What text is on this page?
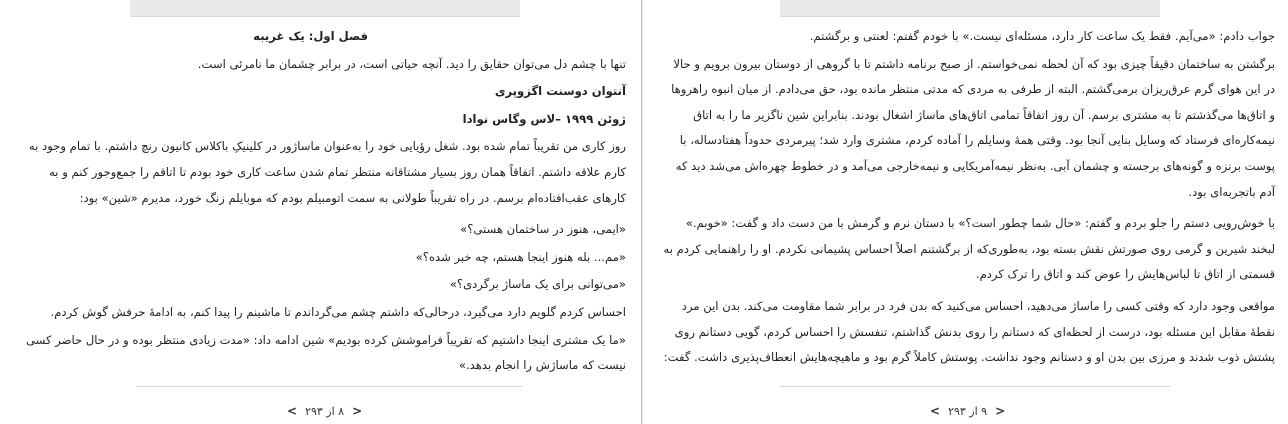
فصل اول: یک غریبه

تنها با چشم دل می‌توان حقایق را دید. آنچه حیاتی است، در برابر چشمان ما نامرئی است.

آنتوان دوسنت اگزوپری

ژوئن ۱۹۹۹ –لاس وگاس نوادا

روز کاری من تقریباً تمام شده بود. شغل رؤیایی خود را به‌عنوان ماساژور در کلینیکِ باکلاس کانیون رنچ داشتم. با تمام وجود به کارم علاقه داشتم. اتفاقاً همان روز بسیار مشتاقانه منتظر تمام شدن ساعت کاری خود بودم تا اتاقم را جمع‌وجور کنم و به کارهای عقب‌افتاده‌ام برسم. در راه تقریباً طولانی به سمت اتومبیلم بودم که موبایلم زنگ خورد، مدیرم «شین» بود:

«ایمی، هنوز در ساختمان هستی؟»

«مم... بله هنوز اینجا هستم، چه خبر شده؟»

«می‌توانی برای یک ماساژ برگردی؟»

احساس کردم گلویم دارد می‌گیرد، درحالی‌که داشتم چشم می‌گرداندم تا ماشینم را پیدا کنم، به ادامهٔ حرفش گوش کردم.

«ما یک مشتری اینجا داشتیم که تقریباً فراموشش کرده بودیم» شین ادامه داد: «مدت زیادی منتظر بوده و در حال حاضر کسی نیست که ماساژش را انجام بدهد.»

< ۸ از ۲۹۳ >

جواب دادم: «می‌آیم. فقط یک ساعت کار دارد، مسئله‌ای نیست.» با خودم گفتم: لعنتی و برگشتم.

برگشتن به ساختمان دقیقاً چیزی بود که آن لحظه نمی‌خواستم. از صبح برنامه داشتم تا با گروهی از دوستان بیرون برویم و حالا در این هوای گرم عرق‌ریزان برمی‌گشتم. البته از طرفی به مردی که مدتی منتظر مانده بود، حق می‌دادم. از میان انبوه راهروها و اتاق‌ها می‌گذشتم تا به مشتری برسم. آن روز اتفاقاً تمامی اتاق‌های ماساژ اشغال بودند. بنابراین شین ناگزیر ما را به اتاق نیمه‌کاره‌ای فرستاد که وسایل بنایی آنجا بود. وقتی همهٔ وسایلم را آماده کردم، مشتری وارد شد؛ پیرمردی حدوداً هفتادساله، با پوست برنزه و گونه‌های برجسته و چشمان آبی. به‌نظر نیمه‌آمریکایی و نیمه‌خارجی می‌آمد و در خطوط چهره‌اش می‌شد دید که آدم باتجربه‌ای بود.

با خوش‌رویی دستم را جلو بردم و گفتم: «حال شما چطور است؟» با دستان نرم و گرمش با من دست داد و گفت: «خوبم.» لبخند شیرین و گرمی روی صورتش نقش بسته بود، به‌طوری‌که از برگشتنم اصلاً احساس پشیمانی نکردم. او را راهنمایی کردم به قسمتی از اتاق تا لباس‌هایش را عوض کند و اتاق را ترک کردم.

مواقعی وجود دارد که وقتی کسی را ماساژ می‌دهید، احساس می‌کنید که بدن فرد در برابر شما مقاومت می‌کند. بدن این مرد نقطهٔ مقابل این مسئله بود، درست از لحظه‌ای که دستانم را روی بدنش گذاشتم، تنفسش را احساس کردم، گویی دستانم روی پشتش ذوب شدند و مرزی بین بدن او و دستانم وجود نداشت. پوستش کاملاً گرم بود و ماهیچه‌هایش انعطاف‌پذیری داشت. گفت:

< ۹ از ۲۹۳ >
